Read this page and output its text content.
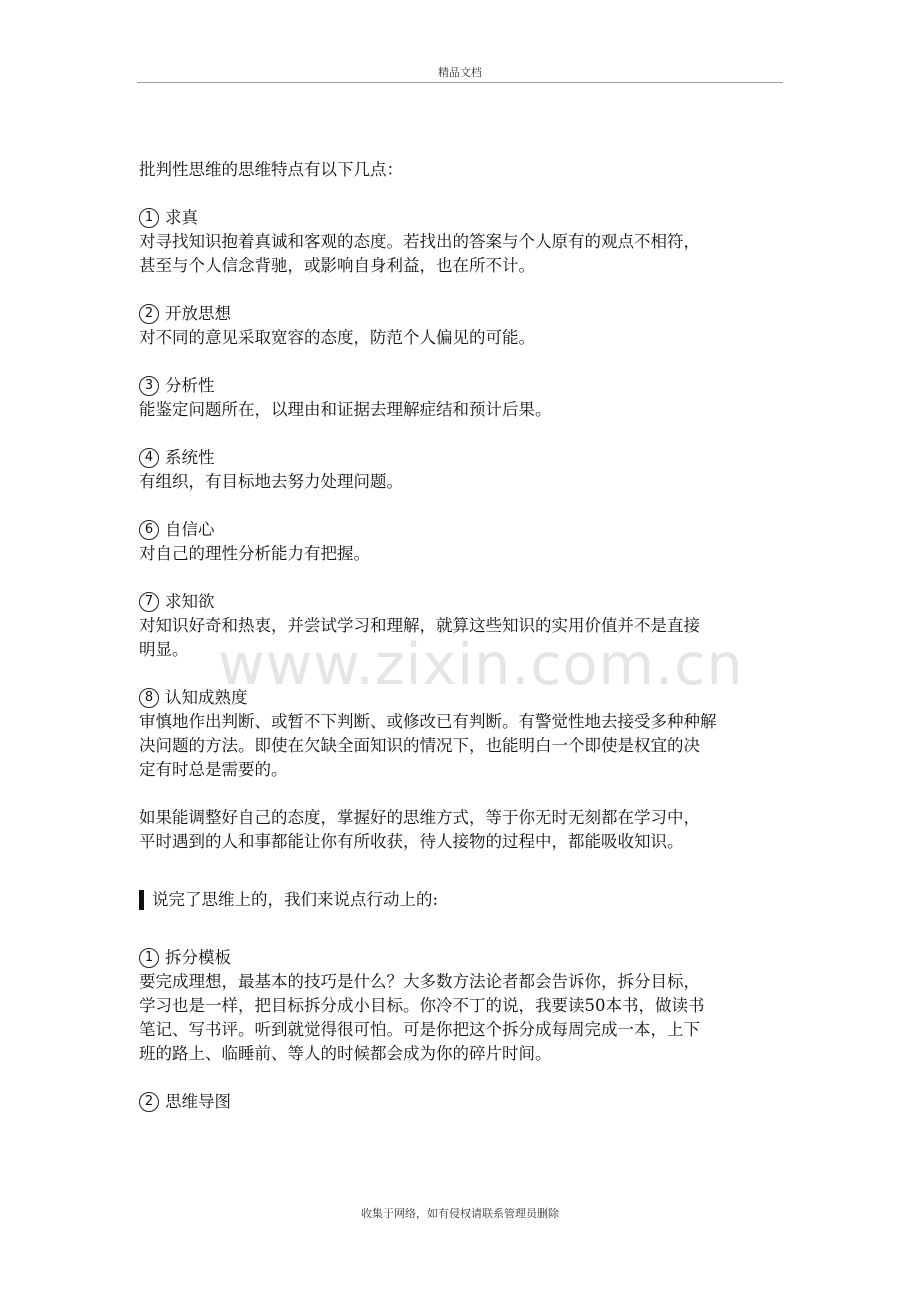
精品文档

批判性思维的思维特点有以下几点：

1 求真

对寻找知识抱着真诚和客观的态度。若找出的答案与个人原有的观点不相符，

甚至与个人信念背驰，或影响自身利益，也在所不计。

2 开放思想

对不同的意见采取宽容的态度，防范个人偏见的可能。

3 分析性

能鉴定问题所在，以理由和证据去理解症结和预计后果。

4 系统性

有组织，有目标地去努力处理问题。

6 自信心

对自己的理性分析能力有把握。

7 求知欲

对知识好奇和热衷，并尝试学习和理解，就算这些知识的实用价值并不是直接

明显。

8 认知成熟度

审慎地作出判断、或暂不下判断、或修改已有判断。有警觉性地去接受多种种解

决问题的方法。即使在欠缺全面知识的情况下，也能明白一个即使是权宜的决

定有时总是需要的。

如果能调整好自己的态度，掌握好的思维方式，等于你无时无刻都在学习中，

平时遇到的人和事都能让你有所收获，待人接物的过程中，都能吸收知识。

说完了思维上的，我们来说点行动上的:
1 拆分模板

要完成理想，最基本的技巧是什么？大多数方法论者都会告诉你，拆分目标，

学习也是一样，把目标拆分成小目标。你冷不丁的说，我要读50本书，做读书

笔记、写书评。听到就觉得很可怕。可是你把这个拆分成每周完成一本，上下

班的路上、临睡前、等人的时候都会成为你的碎片时间。

2 思维导图
www.zixin.com.cn
收集于网络，如有侵权请联系管理员删除
